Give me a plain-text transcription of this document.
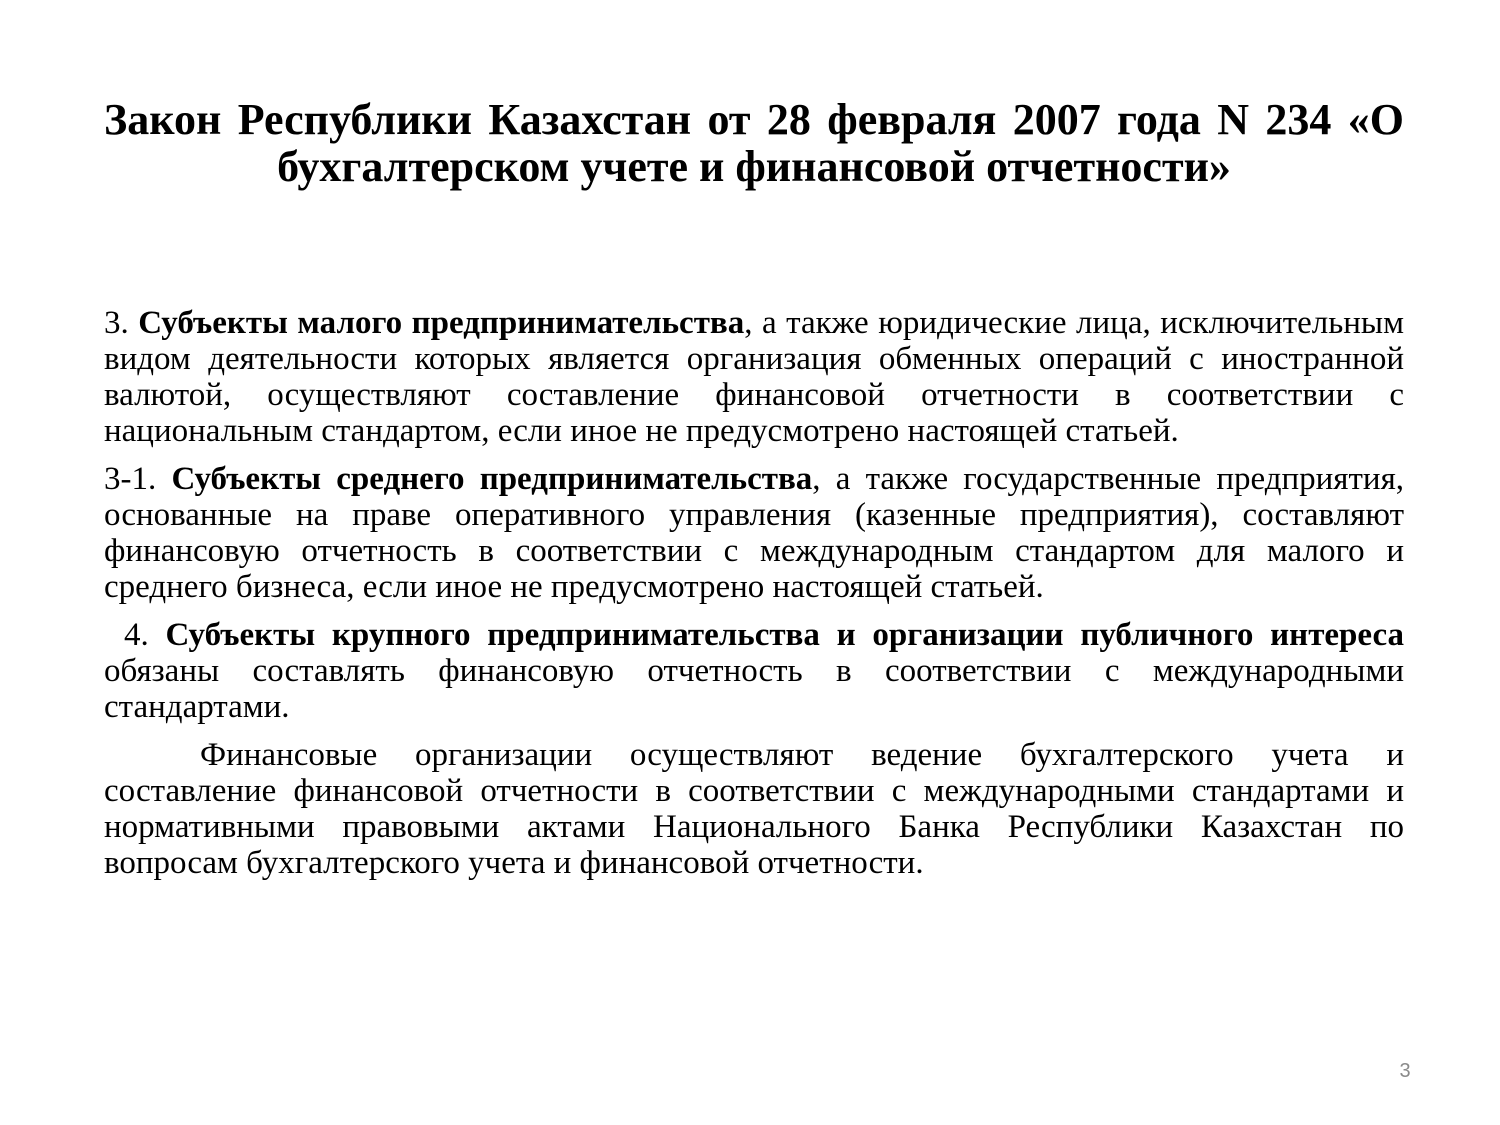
Закон Республики Казахстан от 28 февраля 2007 года N 234 «О бухгалтерском учете и финансовой отчетности»

3. Субъекты малого предпринимательства, а также юридические лица, исключительным видом деятельности которых является организация обменных операций с иностранной валютой, осуществляют составление финансовой отчетности в соответствии с национальным стандартом, если иное не предусмотрено настоящей статьей.

3-1. Субъекты среднего предпринимательства, а также государственные предприятия, основанные на праве оперативного управления (казенные предприятия), составляют финансовую отчетность в соответствии с международным стандартом для малого и среднего бизнеса, если иное не предусмотрено настоящей статьей.

4. Субъекты крупного предпринимательства и организации публичного интереса обязаны составлять финансовую отчетность в соответствии с международными стандартами.

Финансовые организации осуществляют ведение бухгалтерского учета и составление финансовой отчетности в соответствии с международными стандартами и нормативными правовыми актами Национального Банка Республики Казахстан по вопросам бухгалтерского учета и финансовой отчетности.

3
